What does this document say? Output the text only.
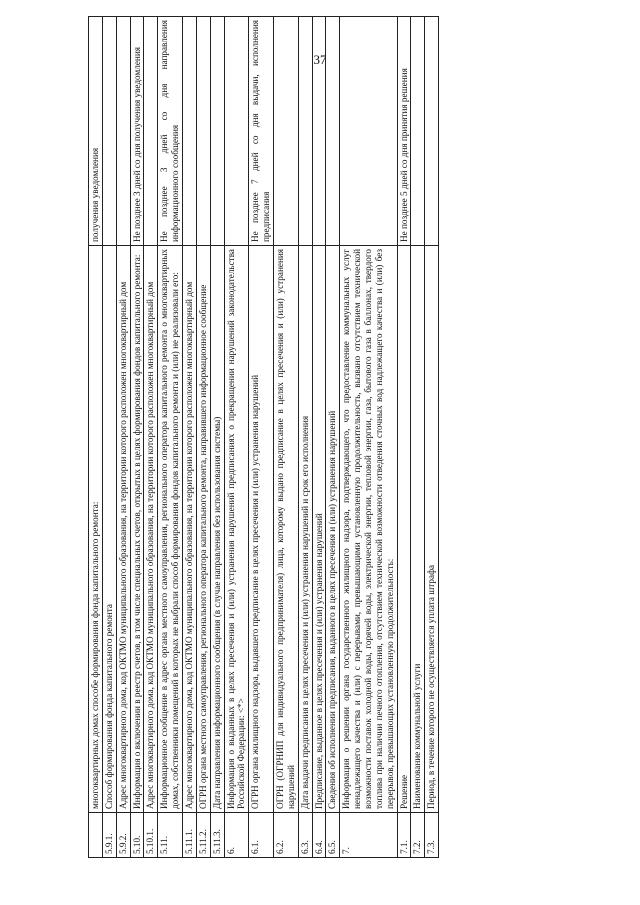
37
	многоквартирных домах способе формирования фонда капитального ремонта:	получения уведомления
5.9.1.	Способ формирования фонда капитального ремонта	
5.9.2.	Адрес многоквартирного дома, код ОКТМО муниципального образования, на территории которого расположен многоквартирный дом	
5.10.	Информация о включении в реестр счетов, в том числе специальных счетов, открытых в целях формирования фондов капитального ремонта:	Не позднее 3 дней со дня получения уведомления
5.10.1.	Адрес многоквартирного дома, код ОКТМО муниципального образования, на территории которого расположен многоквартирный дом	
5.11.	Информационное сообщение в адрес органа местного самоуправления, регионального оператора капитального ремонта о многоквартирных домах, собственники помещений в которых не выбрали способ формирования фондов капитального ремонта и (или) не реализовали его:	Не позднее 3 дней со дня направления информационного сообщения
5.11.1.	Адрес многоквартирного дома, код ОКТМО муниципального образования, на территории которого расположен многоквартирный дом	
5.11.2.	ОГРН органа местного самоуправления, регионального оператора капитального ремонта, направившего информационное сообщение	
5.11.3.	Дата направления информационного сообщения (в случае направления без использования системы)	
6.	Информация о выданных в целях пресечения и (или) устранения нарушений предписаниях о прекращении нарушений законодательства Российской Федерации: <*>	
6.1.	ОГРН органа жилищного надзора, выдавшего предписание в целях пресечения и (или) устранения нарушений	Не позднее 7 дней со дня выдачи, исполнения предписания
6.2.	ОГРН (ОГРНИП для индивидуального предпринимателя) лица, которому выдано предписание в целях пресечения и (или) устранения нарушений	
6.3.	Дата выдачи предписания в целях пресечения и (или) устранения нарушений и срок его исполнения	
6.4.	Предписание, выданное в целях пресечения и (или) устранения нарушений	
6.5.	Сведения об исполнении предписания, выданного в целях пресечения и (или) устранения нарушений	
7.	Информация о решении органа государственного жилищного надзора, подтверждающего, что предоставление коммунальных услуг ненадлежащего качества и (или) с перерывами, превышающими установленную продолжительность, вызвано отсутствием технической возможности поставок холодной воды, горячей воды, электрической энергии, тепловой энергии, газа, бытового газа в баллонах, твердого топлива при наличии печного отопления, отсутствием технической возможности отведения сточных вод надлежащего качества и (или) без перерывов, превышающих установленную продолжительность:	
7.1.	Решение	Не позднее 5 дней со дня принятия решения
7.2.	Наименование коммунальной услуги	
7.3.	Период, в течение которого не осуществляется уплата штрафа	
